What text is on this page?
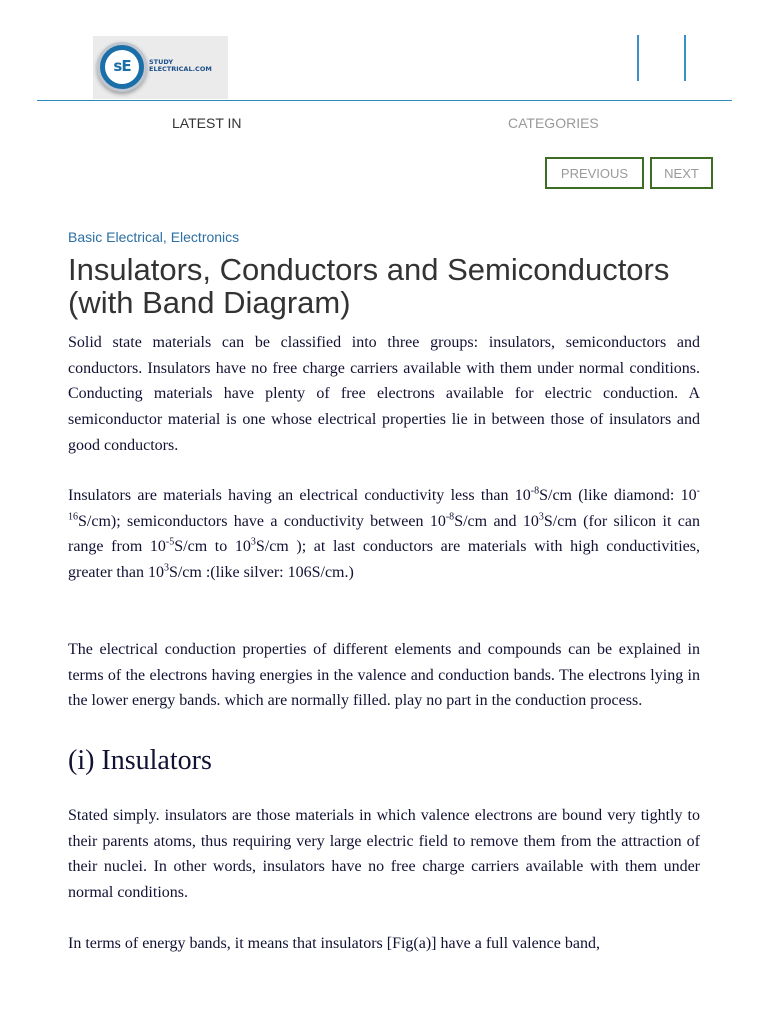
sE	STUDY
ELECTRICAL.COM
LATEST IN	CATEGORIES
PREVIOUS	NEXT
Basic Electrical, Electronics
Insulators, Conductors and Semiconductors (with Band Diagram)

Solid state materials can be classified into three groups: insulators, semiconductors and conductors. Insulators have no free charge carriers available with them under normal conditions. Conducting materials have plenty of free electrons available for electric conduction. A semiconductor material is one whose electrical properties lie in between those of insulators and good conductors.

Insulators are materials having an electrical conductivity less than $10^{-8}S/cm$ (like diamond: $10^{-16}S/cm$); semiconductors have a conductivity between $10^{-8}S/cm$ and $10^3S/cm$ (for silicon it can range from $10^{-5}S/cm$ to $10^3S/cm$ ); at last conductors are materials with high conductivities, greater than $10^3S/cm$ :(like silver: 106S/cm.)

The electrical conduction properties of different elements and compounds can be explained in terms of the electrons having energies in the valence and conduction bands. The electrons lying in the lower energy bands. which are normally filled. play no part in the conduction process.

(i) Insulators

Stated simply. insulators are those materials in which valence electrons are bound very tightly to their parents atoms, thus requiring very large electric field to remove them from the attraction of their nuclei. In other words, insulators have no free charge carriers available with them under normal conditions.

In terms of energy bands, it means that insulators [Fig(a)] have a full valence band,
